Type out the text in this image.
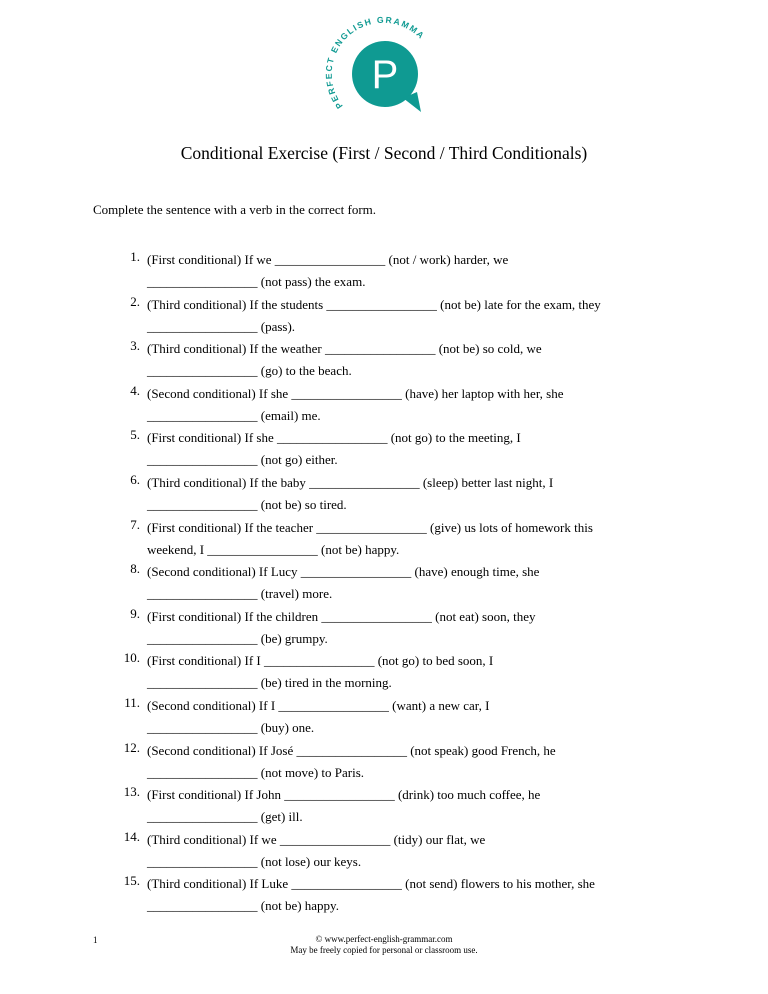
PERFECT ENGLISH GRAMMA
P
Conditional Exercise (First / Second / Third Conditionals)
Complete the sentence with a verb in the correct form.
1. (First conditional) If we _________________ (not / work) harder, we
_________________ (not pass) the exam.
2. (Third conditional) If the students _________________ (not be) late for the exam, they
_________________ (pass).
3. (Third conditional) If the weather _________________ (not be) so cold, we
_________________ (go) to the beach.
4. (Second conditional) If she _________________ (have) her laptop with her, she
_________________ (email) me.
5. (First conditional) If she _________________ (not go) to the meeting, I
_________________ (not go) either.
6. (Third conditional) If the baby _________________ (sleep) better last night, I
_________________ (not be) so tired.
7. (First conditional) If the teacher _________________ (give) us lots of homework this
weekend, I _________________ (not be) happy.
8. (Second conditional) If Lucy _________________ (have) enough time, she
_________________ (travel) more.
9. (First conditional) If the children _________________ (not eat) soon, they
_________________ (be) grumpy.
10. (First conditional) If I _________________ (not go) to bed soon, I
_________________ (be) tired in the morning.
11. (Second conditional) If I _________________ (want) a new car, I
_________________ (buy) one.
12. (Second conditional) If José _________________ (not speak) good French, he
_________________ (not move) to Paris.
13. (First conditional) If John _________________ (drink) too much coffee, he
_________________ (get) ill.
14. (Third conditional) If we _________________ (tidy) our flat, we
_________________ (not lose) our keys.
15. (Third conditional) If Luke _________________ (not send) flowers to his mother, she
_________________ (not be) happy.
1	© www.perfect-english-grammar.com
May be freely copied for personal or classroom use.
